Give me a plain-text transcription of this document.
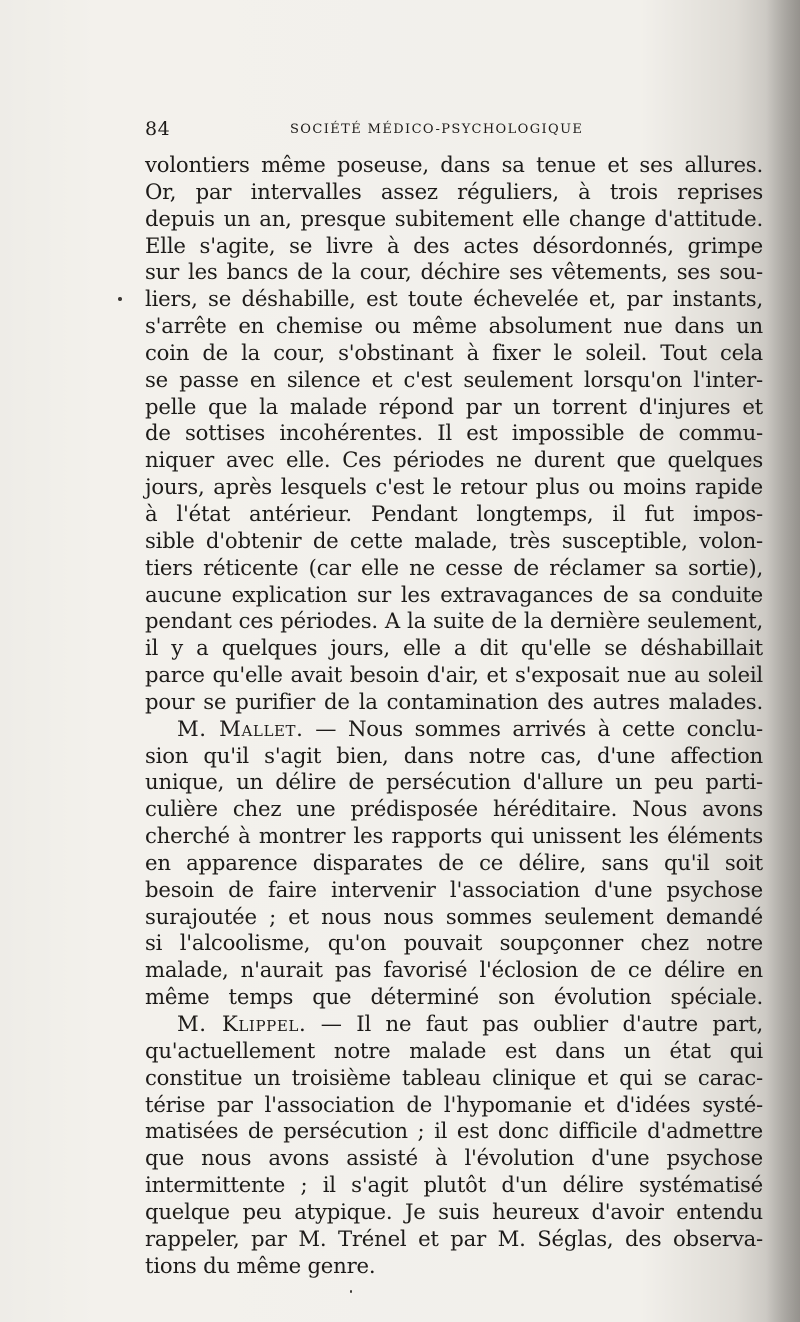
84	SOCIÉTÉ MÉDICO-PSYCHOLOGIQUE
volontiers même poseuse, dans sa tenue et ses allures.
Or, par intervalles assez réguliers, à trois reprises
depuis un an, presque subitement elle change d'attitude.
Elle s'agite, se livre à des actes désordonnés, grimpe
sur les bancs de la cour, déchire ses vêtements, ses sou-
liers, se déshabille, est toute échevelée et, par instants,
s'arrête en chemise ou même absolument nue dans un
coin de la cour, s'obstinant à fixer le soleil. Tout cela
se passe en silence et c'est seulement lorsqu'on l'inter-
pelle que la malade répond par un torrent d'injures et
de sottises incohérentes. Il est impossible de commu-
niquer avec elle. Ces périodes ne durent que quelques
jours, après lesquels c'est le retour plus ou moins rapide
à l'état antérieur. Pendant longtemps, il fut impos-
sible d'obtenir de cette malade, très susceptible, volon-
tiers réticente (car elle ne cesse de réclamer sa sortie),
aucune explication sur les extravagances de sa conduite
pendant ces périodes. A la suite de la dernière seulement,
il y a quelques jours, elle a dit qu'elle se déshabillait
parce qu'elle avait besoin d'air, et s'exposait nue au soleil
pour se purifier de la contamination des autres malades.
M. Mallet. — Nous sommes arrivés à cette conclu-
sion qu'il s'agit bien, dans notre cas, d'une affection
unique, un délire de persécution d'allure un peu parti-
culière chez une prédisposée héréditaire. Nous avons
cherché à montrer les rapports qui unissent les éléments
en apparence disparates de ce délire, sans qu'il soit
besoin de faire intervenir l'association d'une psychose
surajoutée ; et nous nous sommes seulement demandé
si l'alcoolisme, qu'on pouvait soupçonner chez notre
malade, n'aurait pas favorisé l'éclosion de ce délire en
même temps que déterminé son évolution spéciale.
M. Klippel. — Il ne faut pas oublier d'autre part,
qu'actuellement notre malade est dans un état qui
constitue un troisième tableau clinique et qui se carac-
térise par l'association de l'hypomanie et d'idées systé-
matisées de persécution ; il est donc difficile d'admettre
que nous avons assisté à l'évolution d'une psychose
intermittente ; il s'agit plutôt d'un délire systématisé
quelque peu atypique. Je suis heureux d'avoir entendu
rappeler, par M. Trénel et par M. Séglas, des observa-
tions du même genre.
